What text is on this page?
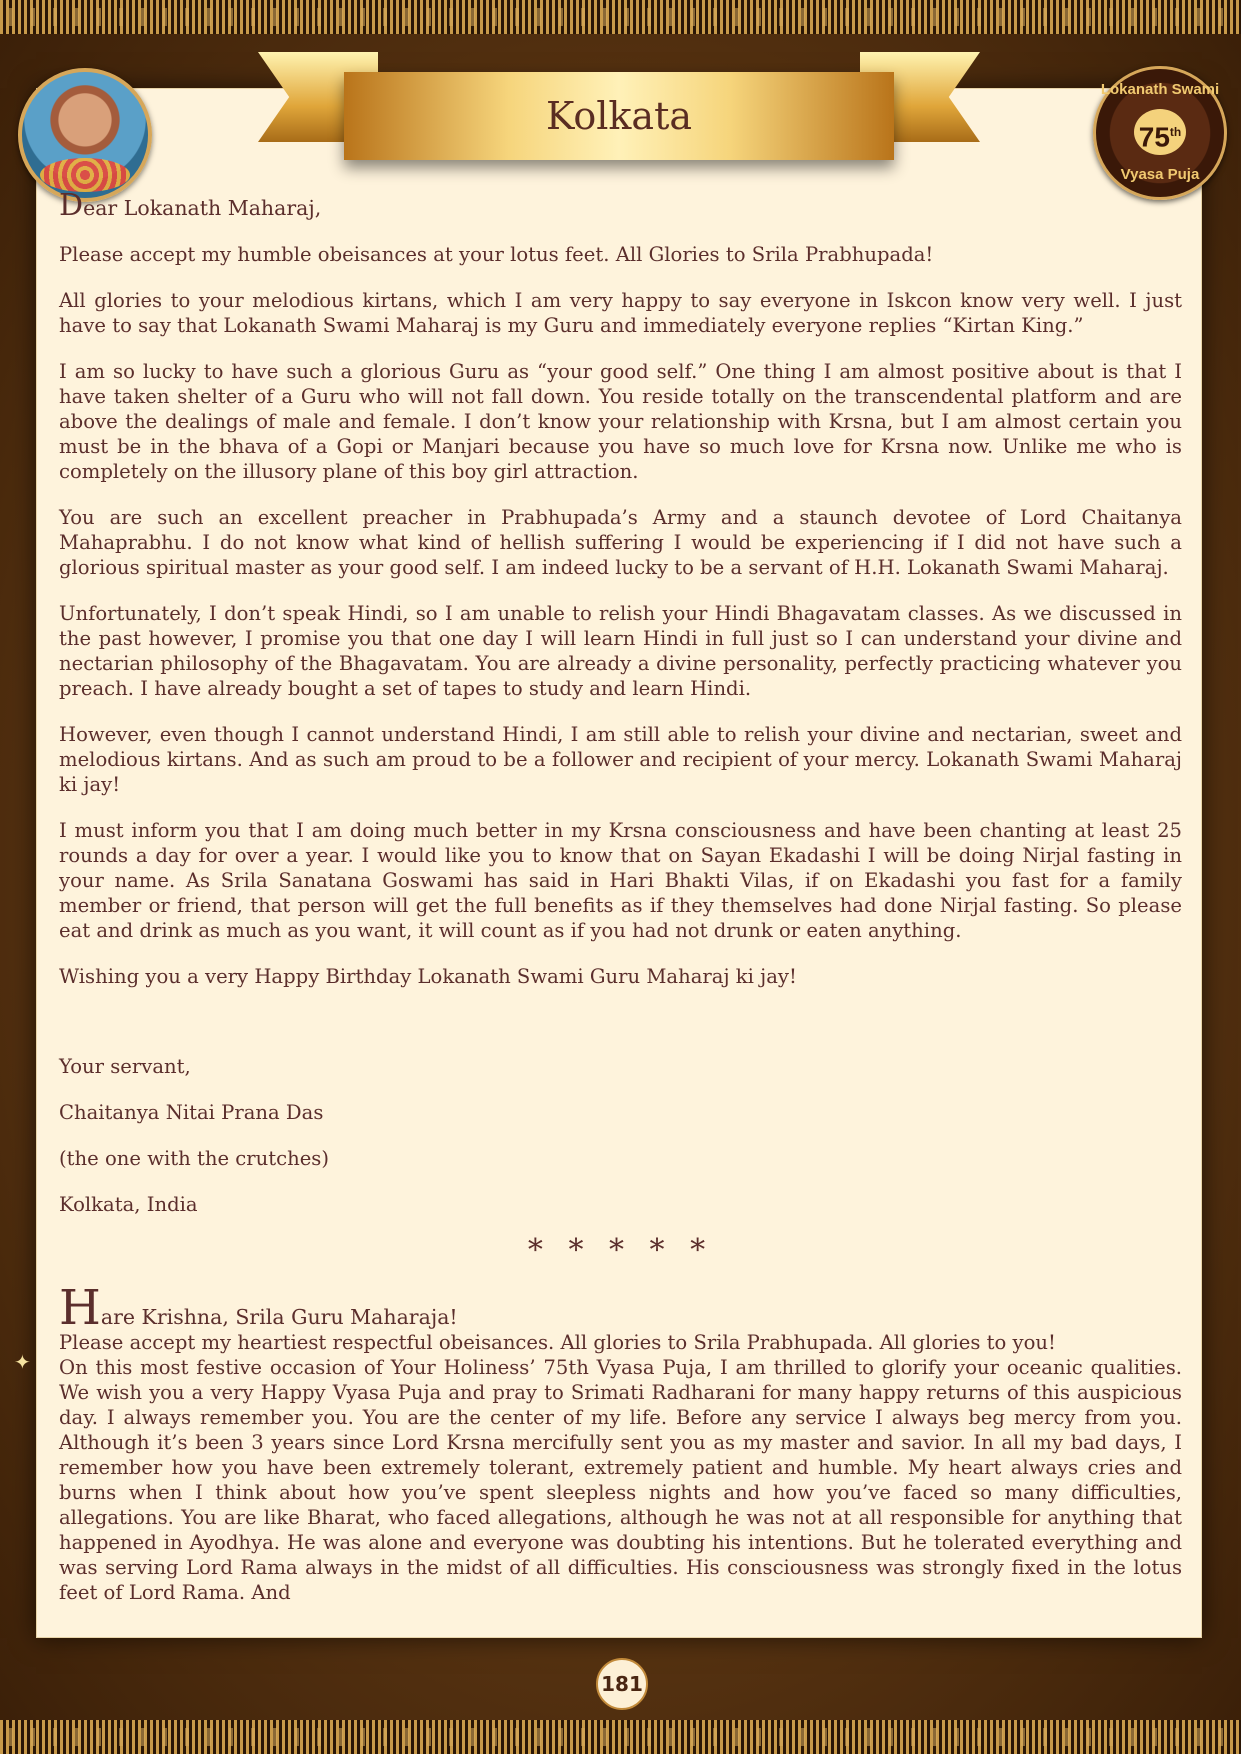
Kolkata
Lokanath Swami
75th
Vyasa Puja

Dear Lokanath Maharaj,

Please accept my humble obeisances at your lotus feet. All Glories to Srila Prabhupada!

All glories to your melodious kirtans, which I am very happy to say everyone in Iskcon know very well. I just have to say that Lokanath Swami Maharaj is my Guru and immediately everyone replies “Kirtan King.”

I am so lucky to have such a glorious Guru as “your good self.” One thing I am almost positive about is that I have taken shelter of a Guru who will not fall down. You reside totally on the transcendental platform and are above the dealings of male and female. I don’t know your relationship with Krsna, but I am almost certain you must be in the bhava of a Gopi or Manjari because you have so much love for Krsna now. Unlike me who is completely on the illusory plane of this boy girl attraction.

You are such an excellent preacher in Prabhupada’s Army and a staunch devotee of Lord Chaitanya Mahaprabhu. I do not know what kind of hellish suffering I would be experiencing if I did not have such a glorious spiritual master as your good self. I am indeed lucky to be a servant of H.H. Lokanath Swami Maharaj.

Unfortunately, I don’t speak Hindi, so I am unable to relish your Hindi Bhagavatam classes. As we discussed in the past however, I promise you that one day I will learn Hindi in full just so I can understand your divine and nectarian philosophy of the Bhagavatam. You are already a divine personality, perfectly practicing whatever you preach. I have already bought a set of tapes to study and learn Hindi.

However, even though I cannot understand Hindi, I am still able to relish your divine and nectarian, sweet and melodious kirtans. And as such am proud to be a follower and recipient of your mercy. Lokanath Swami Maharaj ki jay!

I must inform you that I am doing much better in my Krsna consciousness and have been chanting at least 25 rounds a day for over a year. I would like you to know that on Sayan Ekadashi I will be doing Nirjal fasting in your name. As Srila Sanatana Goswami has said in Hari Bhakti Vilas, if on Ekadashi you fast for a family member or friend, that person will get the full benefits as if they themselves had done Nirjal fasting. So please eat and drink as much as you want, it will count as if you had not drunk or eaten anything.

Wishing you a very Happy Birthday Lokanath Swami Guru Maharaj ki jay!

Your servant,

Chaitanya Nitai Prana Das

(the one with the crutches)

Kolkata, India

* * * * *

Hare Krishna, Srila Guru Maharaja!

Please accept my heartiest respectful obeisances. All glories to Srila Prabhupada. All glories to you!

On this most festive occasion of Your Holiness’ 75th Vyasa Puja, I am thrilled to glorify your oceanic qualities. We wish you a very Happy Vyasa Puja and pray to Srimati Radharani for many happy returns of this auspicious day. I always remember you. You are the center of my life. Before any service I always beg mercy from you. Although it’s been 3 years since Lord Krsna mercifully sent you as my master and savior. In all my bad days, I remember how you have been extremely tolerant, extremely patient and humble. My heart always cries and burns when I think about how you’ve spent sleepless nights and how you’ve faced so many difficulties, allegations. You are like Bharat, who faced allegations, although he was not at all responsible for anything that happened in Ayodhya. He was alone and everyone was doubting his intentions. But he tolerated everything and was serving Lord Rama always in the midst of all difficulties. His consciousness was strongly fixed in the lotus feet of Lord Rama. And

✦
181
